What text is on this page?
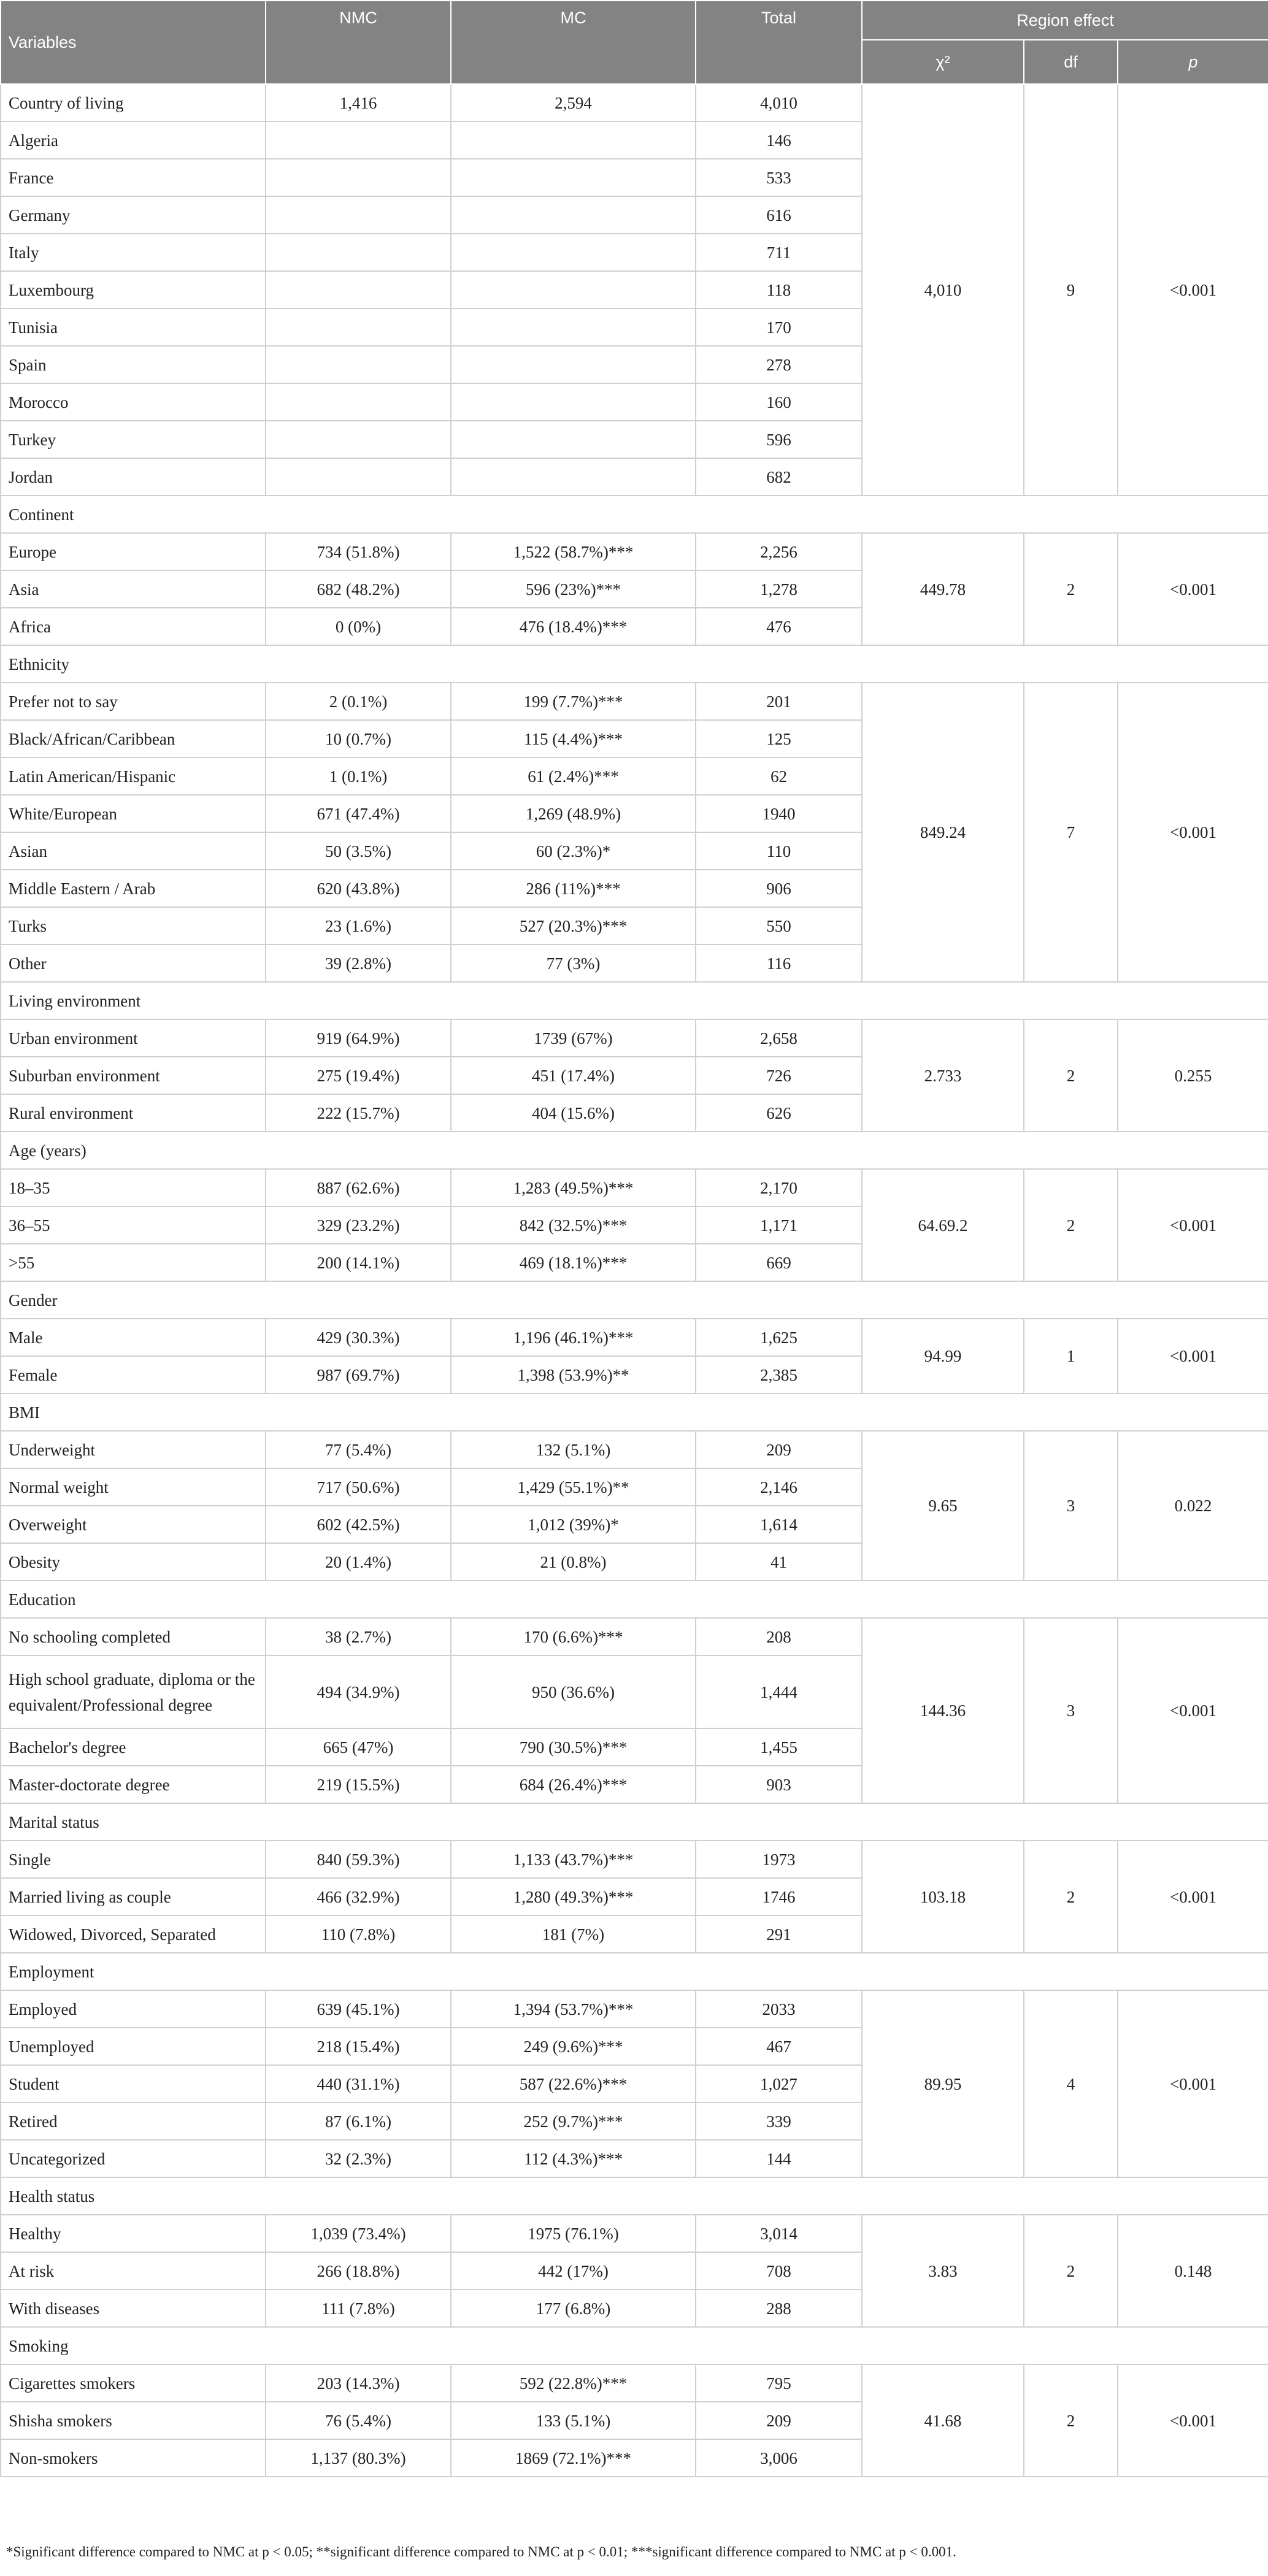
Variables	NMC	MC	Total	Region effect		
				χ²	df	p
Country of living	1,416	2,594	4,010	4,010	9	<0.001
Algeria			146			
France			533			
Germany			616			
Italy			711			
Luxembourg			118			
Tunisia			170			
Spain			278			
Morocco			160			
Turkey			596			
Jordan			682			
Continent						
Europe	734 (51.8%)	1,522 (58.7%)***	2,256	449.78	2	<0.001
Asia	682 (48.2%)	596 (23%)***	1,278			
Africa	0 (0%)	476 (18.4%)***	476			
Ethnicity						
Prefer not to say	2 (0.1%)	199 (7.7%)***	201	849.24	7	<0.001
Black/African/Caribbean	10 (0.7%)	115 (4.4%)***	125			
Latin American/Hispanic	1 (0.1%)	61 (2.4%)***	62			
White/European	671 (47.4%)	1,269 (48.9%)	1940			
Asian	50 (3.5%)	60 (2.3%)*	110			
Middle Eastern / Arab	620 (43.8%)	286 (11%)***	906			
Turks	23 (1.6%)	527 (20.3%)***	550			
Other	39 (2.8%)	77 (3%)	116			
Living environment						
Urban environment	919 (64.9%)	1739 (67%)	2,658	2.733	2	0.255
Suburban environment	275 (19.4%)	451 (17.4%)	726			
Rural environment	222 (15.7%)	404 (15.6%)	626			
Age (years)						
18–35	887 (62.6%)	1,283 (49.5%)***	2,170	64.69.2	2	<0.001
36–55	329 (23.2%)	842 (32.5%)***	1,171			
>55	200 (14.1%)	469 (18.1%)***	669			
Gender						
Male	429 (30.3%)	1,196 (46.1%)***	1,625	94.99	1	<0.001
Female	987 (69.7%)	1,398 (53.9%)**	2,385			
BMI						
Underweight	77 (5.4%)	132 (5.1%)	209	9.65	3	0.022
Normal weight	717 (50.6%)	1,429 (55.1%)**	2,146			
Overweight	602 (42.5%)	1,012 (39%)*	1,614			
Obesity	20 (1.4%)	21 (0.8%)	41			
Education						
No schooling completed	38 (2.7%)	170 (6.6%)***	208	144.36	3	<0.001
High school graduate, diploma or the equivalent/Professional degree	494 (34.9%)	950 (36.6%)	1,444			
Bachelor's degree	665 (47%)	790 (30.5%)***	1,455			
Master-doctorate degree	219 (15.5%)	684 (26.4%)***	903			
Marital status						
Single	840 (59.3%)	1,133 (43.7%)***	1973	103.18	2	<0.001
Married living as couple	466 (32.9%)	1,280 (49.3%)***	1746			
Widowed, Divorced, Separated	110 (7.8%)	181 (7%)	291			
Employment						
Employed	639 (45.1%)	1,394 (53.7%)***	2033	89.95	4	<0.001
Unemployed	218 (15.4%)	249 (9.6%)***	467			
Student	440 (31.1%)	587 (22.6%)***	1,027			
Retired	87 (6.1%)	252 (9.7%)***	339			
Uncategorized	32 (2.3%)	112 (4.3%)***	144			
Health status						
Healthy	1,039 (73.4%)	1975 (76.1%)	3,014	3.83	2	0.148
At risk	266 (18.8%)	442 (17%)	708			
With diseases	111 (7.8%)	177 (6.8%)	288			
Smoking						
Cigarettes smokers	203 (14.3%)	592 (22.8%)***	795	41.68	2	<0.001
Shisha smokers	76 (5.4%)	133 (5.1%)	209			
Non-smokers	1,137 (80.3%)	1869 (72.1%)***	3,006			
*Significant difference compared to NMC at p < 0.05; **significant difference compared to NMC at p < 0.01; ***significant difference compared to NMC at p < 0.001.
